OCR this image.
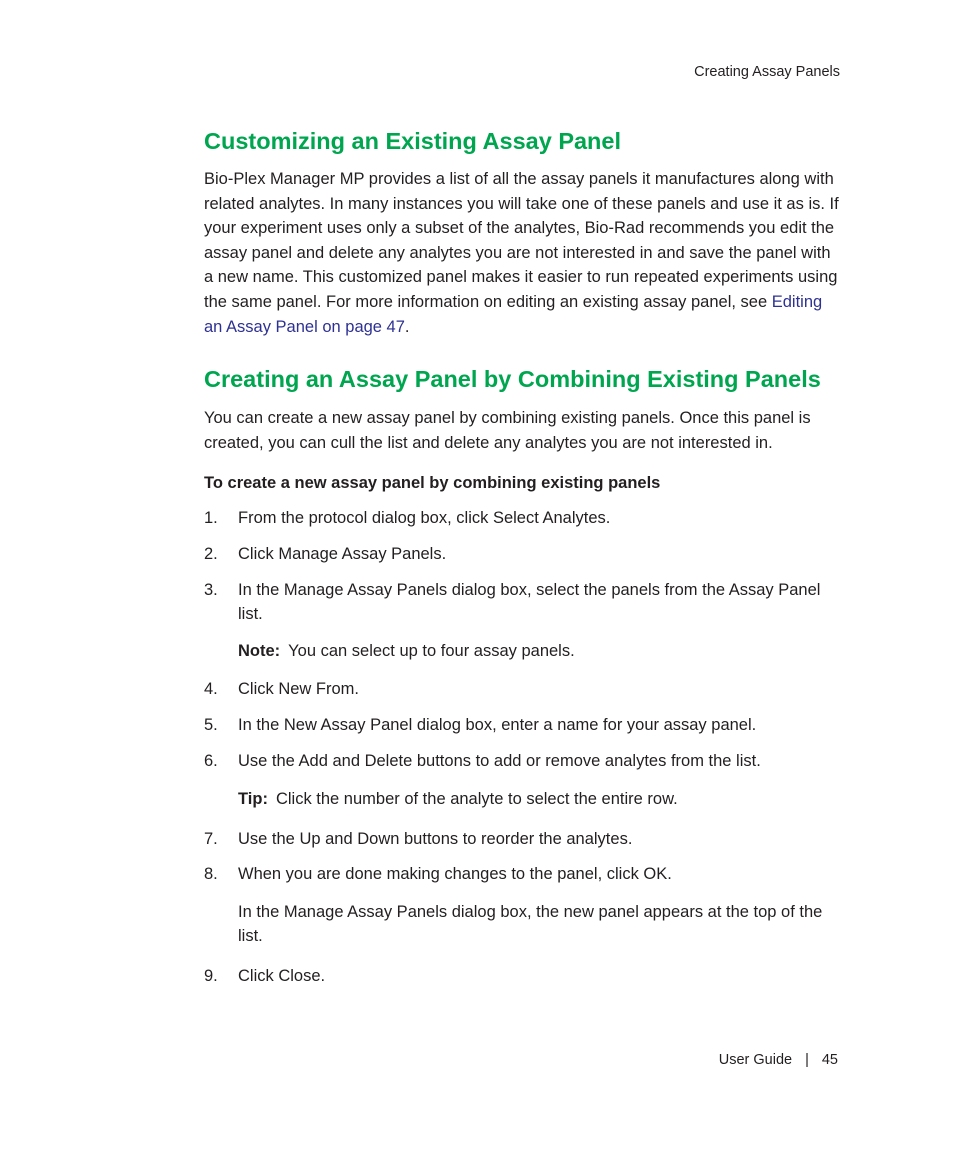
Creating Assay Panels
Customizing an Existing Assay Panel

Bio-Plex Manager MP provides a list of all the assay panels it manufactures along with related analytes. In many instances you will take one of these panels and use it as is. If your experiment uses only a subset of the analytes, Bio-Rad recommends you edit the assay panel and delete any analytes you are not interested in and save the panel with a new name. This customized panel makes it easier to run repeated experiments using the same panel. For more information on editing an existing assay panel, see Editing an Assay Panel on page 47.

Creating an Assay Panel by Combining Existing Panels

You can create a new assay panel by combining existing panels. Once this panel is created, you can cull the list and delete any analytes you are not interested in.

To create a new assay panel by combining existing panels
1. From the protocol dialog box, click Select Analytes.
2. Click Manage Assay Panels.
3. In the Manage Assay Panels dialog box, select the panels from the Assay Panel list.
Note: You can select up to four assay panels.
4. Click New From.
5. In the New Assay Panel dialog box, enter a name for your assay panel.
6. Use the Add and Delete buttons to add or remove analytes from the list.
Tip: Click the number of the analyte to select the entire row.
7. Use the Up and Down buttons to reorder the analytes.
8. When you are done making changes to the panel, click OK.
In the Manage Assay Panels dialog box, the new panel appears at the top of the list.
9. Click Close.
User Guide | 45
